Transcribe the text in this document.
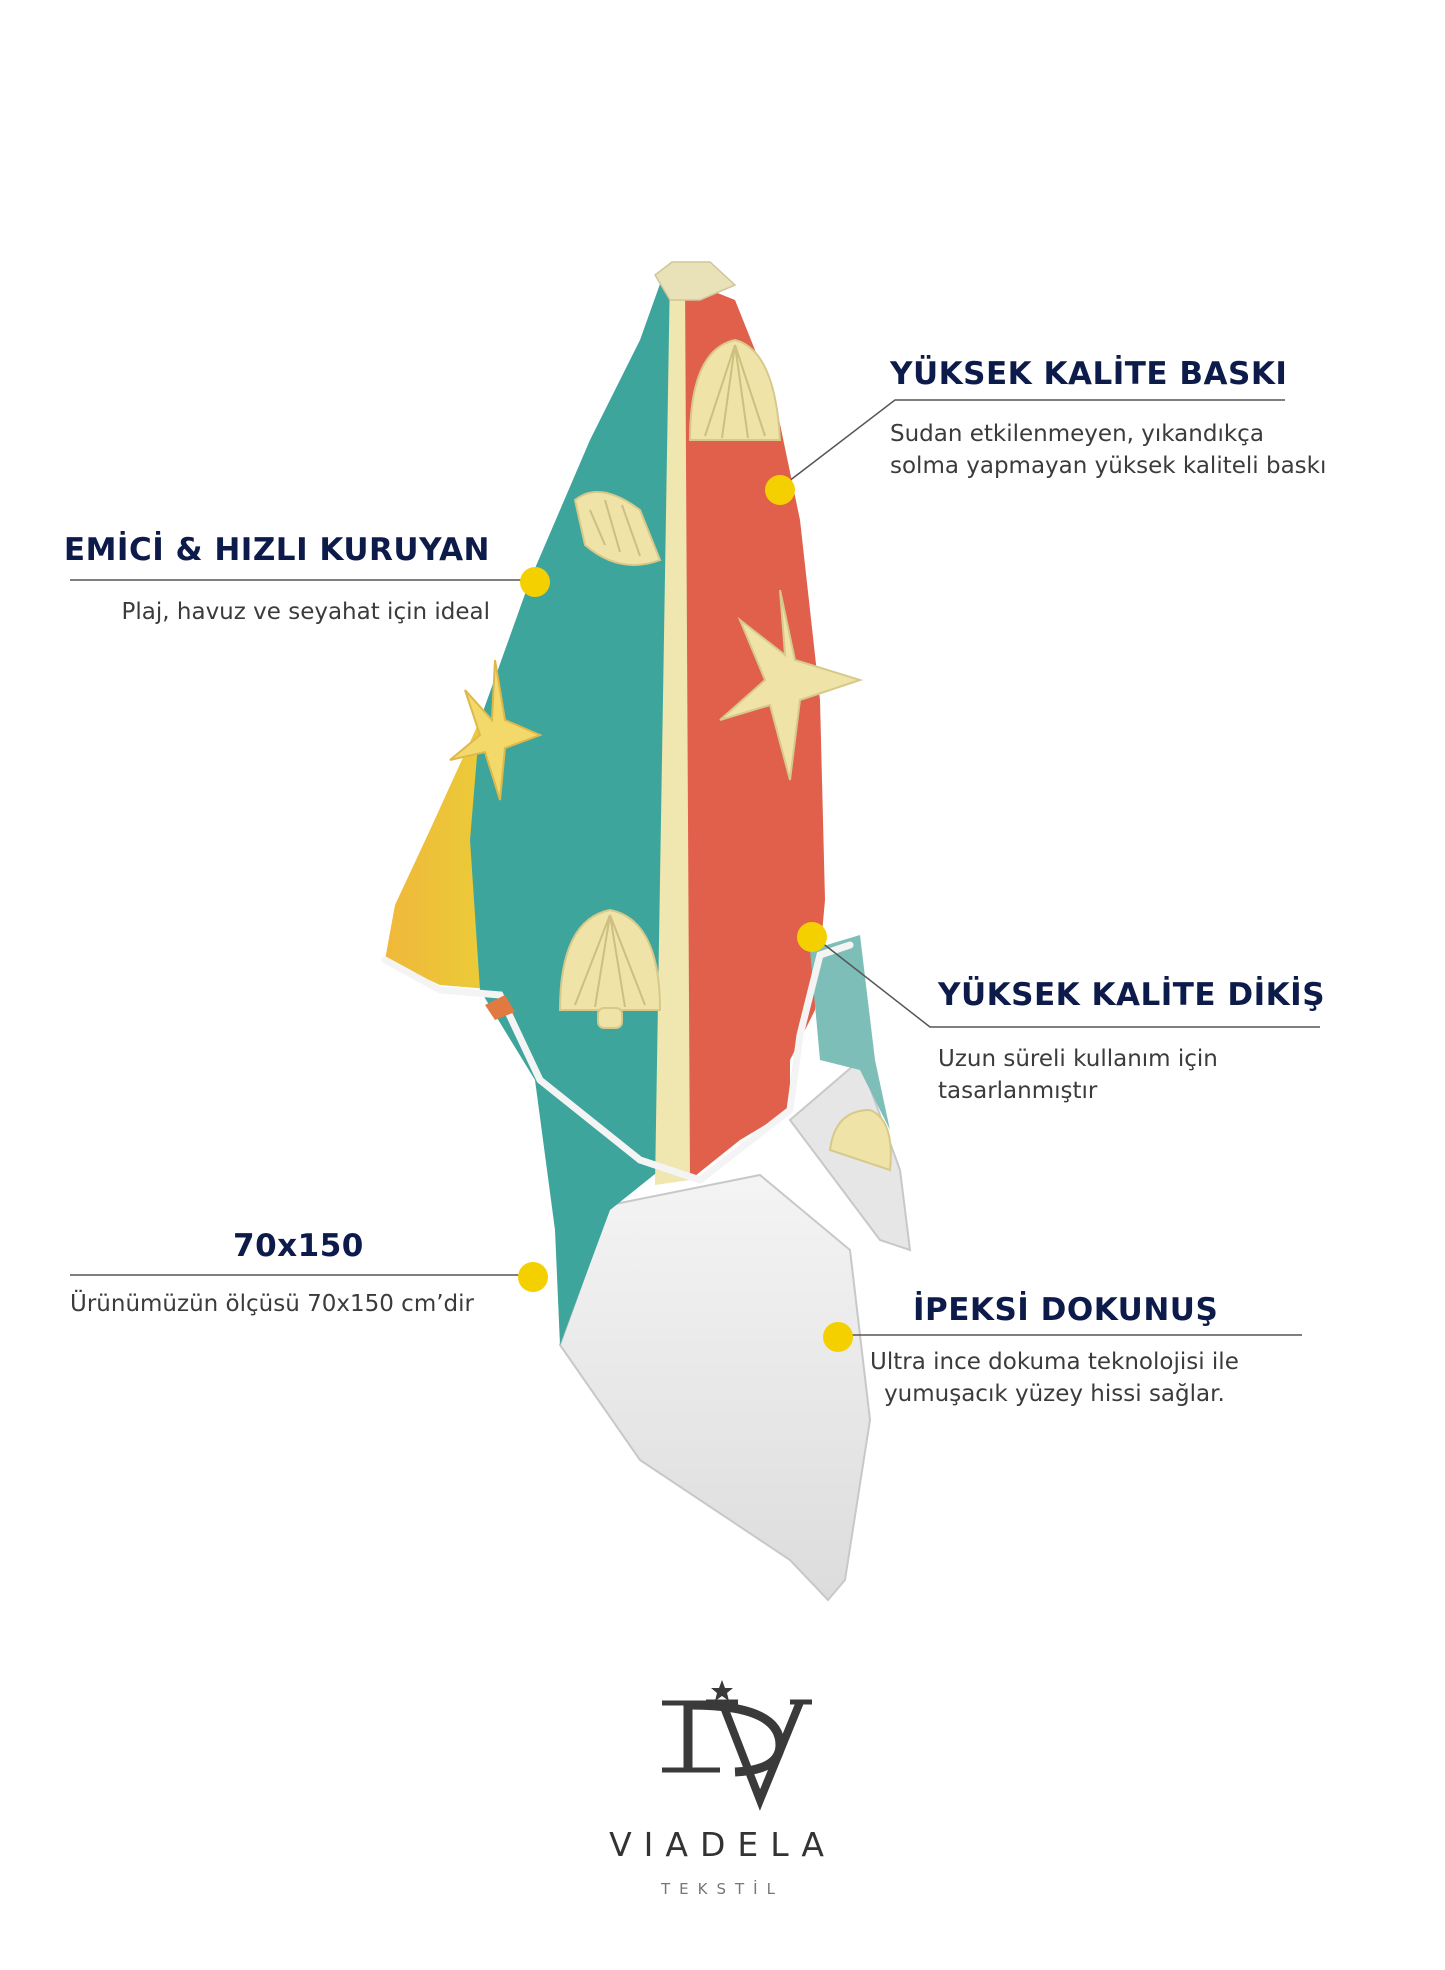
EMİCİ & HIZLI KURUYAN
Plaj, havuz ve seyahat için ideal
YÜKSEK KALİTE BASKI
Sudan etkilenmeyen, yıkandıkça
solma yapmayan yüksek kaliteli baskı
YÜKSEK KALİTE DİKİŞ
Uzun süreli kullanım için
tasarlanmıştır
70x150
Ürünümüzün ölçüsü 70x150 cm’dir	İPEKSİ DOKUNUŞ
Ultra ince dokuma teknolojisi ile
yumuşacık yüzey hissi sağlar.
VIADELA
TEKSTİL
